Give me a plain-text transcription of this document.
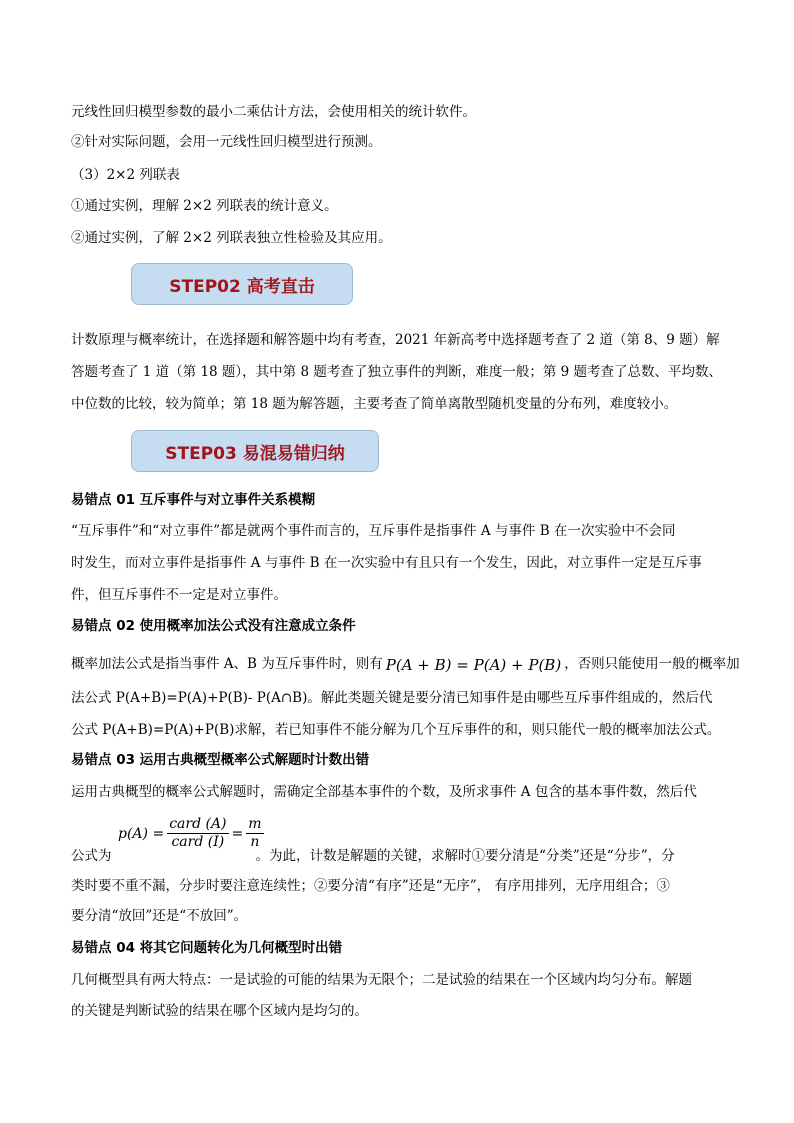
元线性回归模型参数的最小二乘估计方法，会使用相关的统计软件。
②针对实际问题，会用一元线性回归模型进行预测。
（3）2×2 列联表
①通过实例，理解 2×2 列联表的统计意义。
②通过实例，了解 2×2 列联表独立性检验及其应用。
STEP02 高考直击
计数原理与概率统计，在选择题和解答题中均有考查，2021 年新高考中选择题考查了 2 道（第 8、9 题）解
答题考查了 1 道（第 18 题），其中第 8 题考查了独立事件的判断，难度一般；第 9 题考查了总数、平均数、
中位数的比较，较为简单；第 18 题为解答题，主要考查了简单离散型随机变量的分布列，难度较小。
STEP03 易混易错归纳
易错点 01 互斥事件与对立事件关系模糊
“互斥事件”和“对立事件”都是就两个事件而言的，互斥事件是指事件 A 与事件 B 在一次实验中不会同
时发生，而对立事件是指事件 A 与事件 B 在一次实验中有且只有一个发生，因此，对立事件一定是互斥事
件，但互斥事件不一定是对立事件。
易错点 02 使用概率加法公式没有注意成立条件
概率加法公式是指当事件 A、B 为互斥事件时，则有 P(A + B) = P(A) + P(B) ，否则只能使用一般的概率加
法公式 P(A+B)=P(A)+P(B)- P(A∩B)。解此类题关键是要分清已知事件是由哪些互斥事件组成的，然后代
公式 P(A+B)=P(A)+P(B)求解，若已知事件不能分解为几个互斥事件的和，则只能代一般的概率加法公式。
易错点 03 运用古典概型概率公式解题时计数出错
运用古典概型的概率公式解题时，需确定全部基本事件的个数，及所求事件 A 包含的基本事件数，然后代
$p(A) = \frac{\text{card (A)}}{\text{card (I)}} = \frac{m}{n}$
公式为	。为此，计数是解题的关键，求解时①要分清是“分类”还是“分步”，分
类时要不重不漏，分步时要注意连续性；②要分清“有序”还是“无序”， 有序用排列，无序用组合；③
要分清“放回”还是“不放回”。
易错点 04 将其它问题转化为几何概型时出错
几何概型具有两大特点：一是试验的可能的结果为无限个；二是试验的结果在一个区域内均匀分布。解题
的关键是判断试验的结果在哪个区域内是均匀的。
